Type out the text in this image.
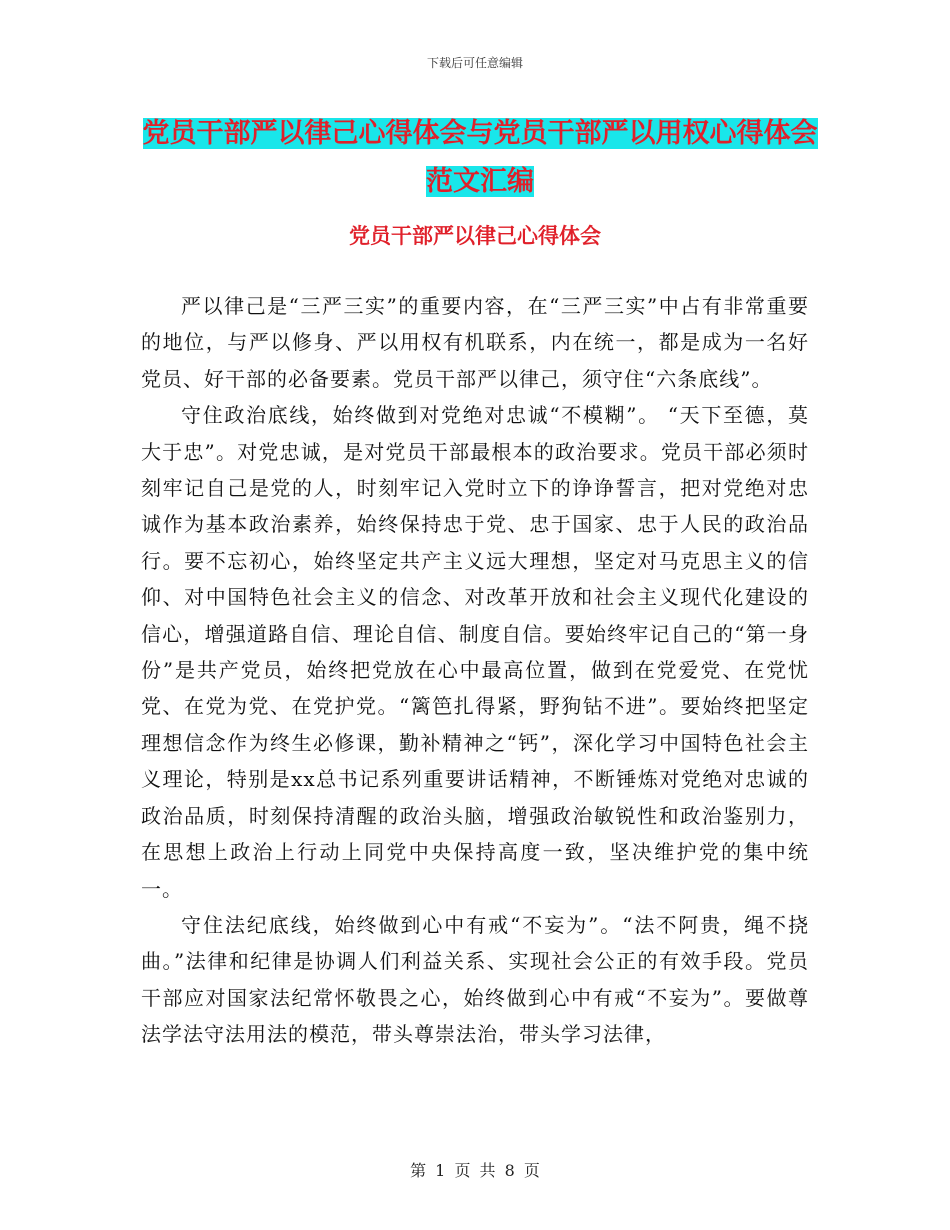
下载后可任意编辑
党员干部严以律己心得体会与党员干部严以用权心得体会范文汇编
党员干部严以律己心得体会

严以律己是“三严三实”的重要内容，在“三严三实”中占有非常重要的地位，与严以修身、严以用权有机联系，内在统一，都是成为一名好党员、好干部的必备要素。党员干部严以律己，须守住“六条底线”。

守住政治底线，始终做到对党绝对忠诚“不模糊”。 “天下至德，莫大于忠”。对党忠诚，是对党员干部最根本的政治要求。党员干部必须时刻牢记自己是党的人，时刻牢记入党时立下的诤诤誓言，把对党绝对忠诚作为基本政治素养，始终保持忠于党、忠于国家、忠于人民的政治品行。要不忘初心，始终坚定共产主义远大理想，坚定对马克思主义的信仰、对中国特色社会主义的信念、对改革开放和社会主义现代化建设的信心，增强道路自信、理论自信、制度自信。要始终牢记自己的“第一身份”是共产党员，始终把党放在心中最高位置，做到在党爱党、在党忧党、在党为党、在党护党。“篱笆扎得紧，野狗钻不进”。要始终把坚定理想信念作为终生必修课，勤补精神之“钙”，深化学习中国特色社会主义理论，特别是xx总书记系列重要讲话精神，不断锤炼对党绝对忠诚的政治品质，时刻保持清醒的政治头脑，增强政治敏锐性和政治鉴别力，在思想上政治上行动上同党中央保持高度一致，坚决维护党的集中统一。

守住法纪底线，始终做到心中有戒“不妄为”。“法不阿贵，绳不挠曲。”法律和纪律是协调人们利益关系、实现社会公正的有效手段。党员干部应对国家法纪常怀敬畏之心，始终做到心中有戒“不妄为”。要做尊法学法守法用法的模范，带头尊崇法治，带头学习法律，

第 1 页 共 8 页
